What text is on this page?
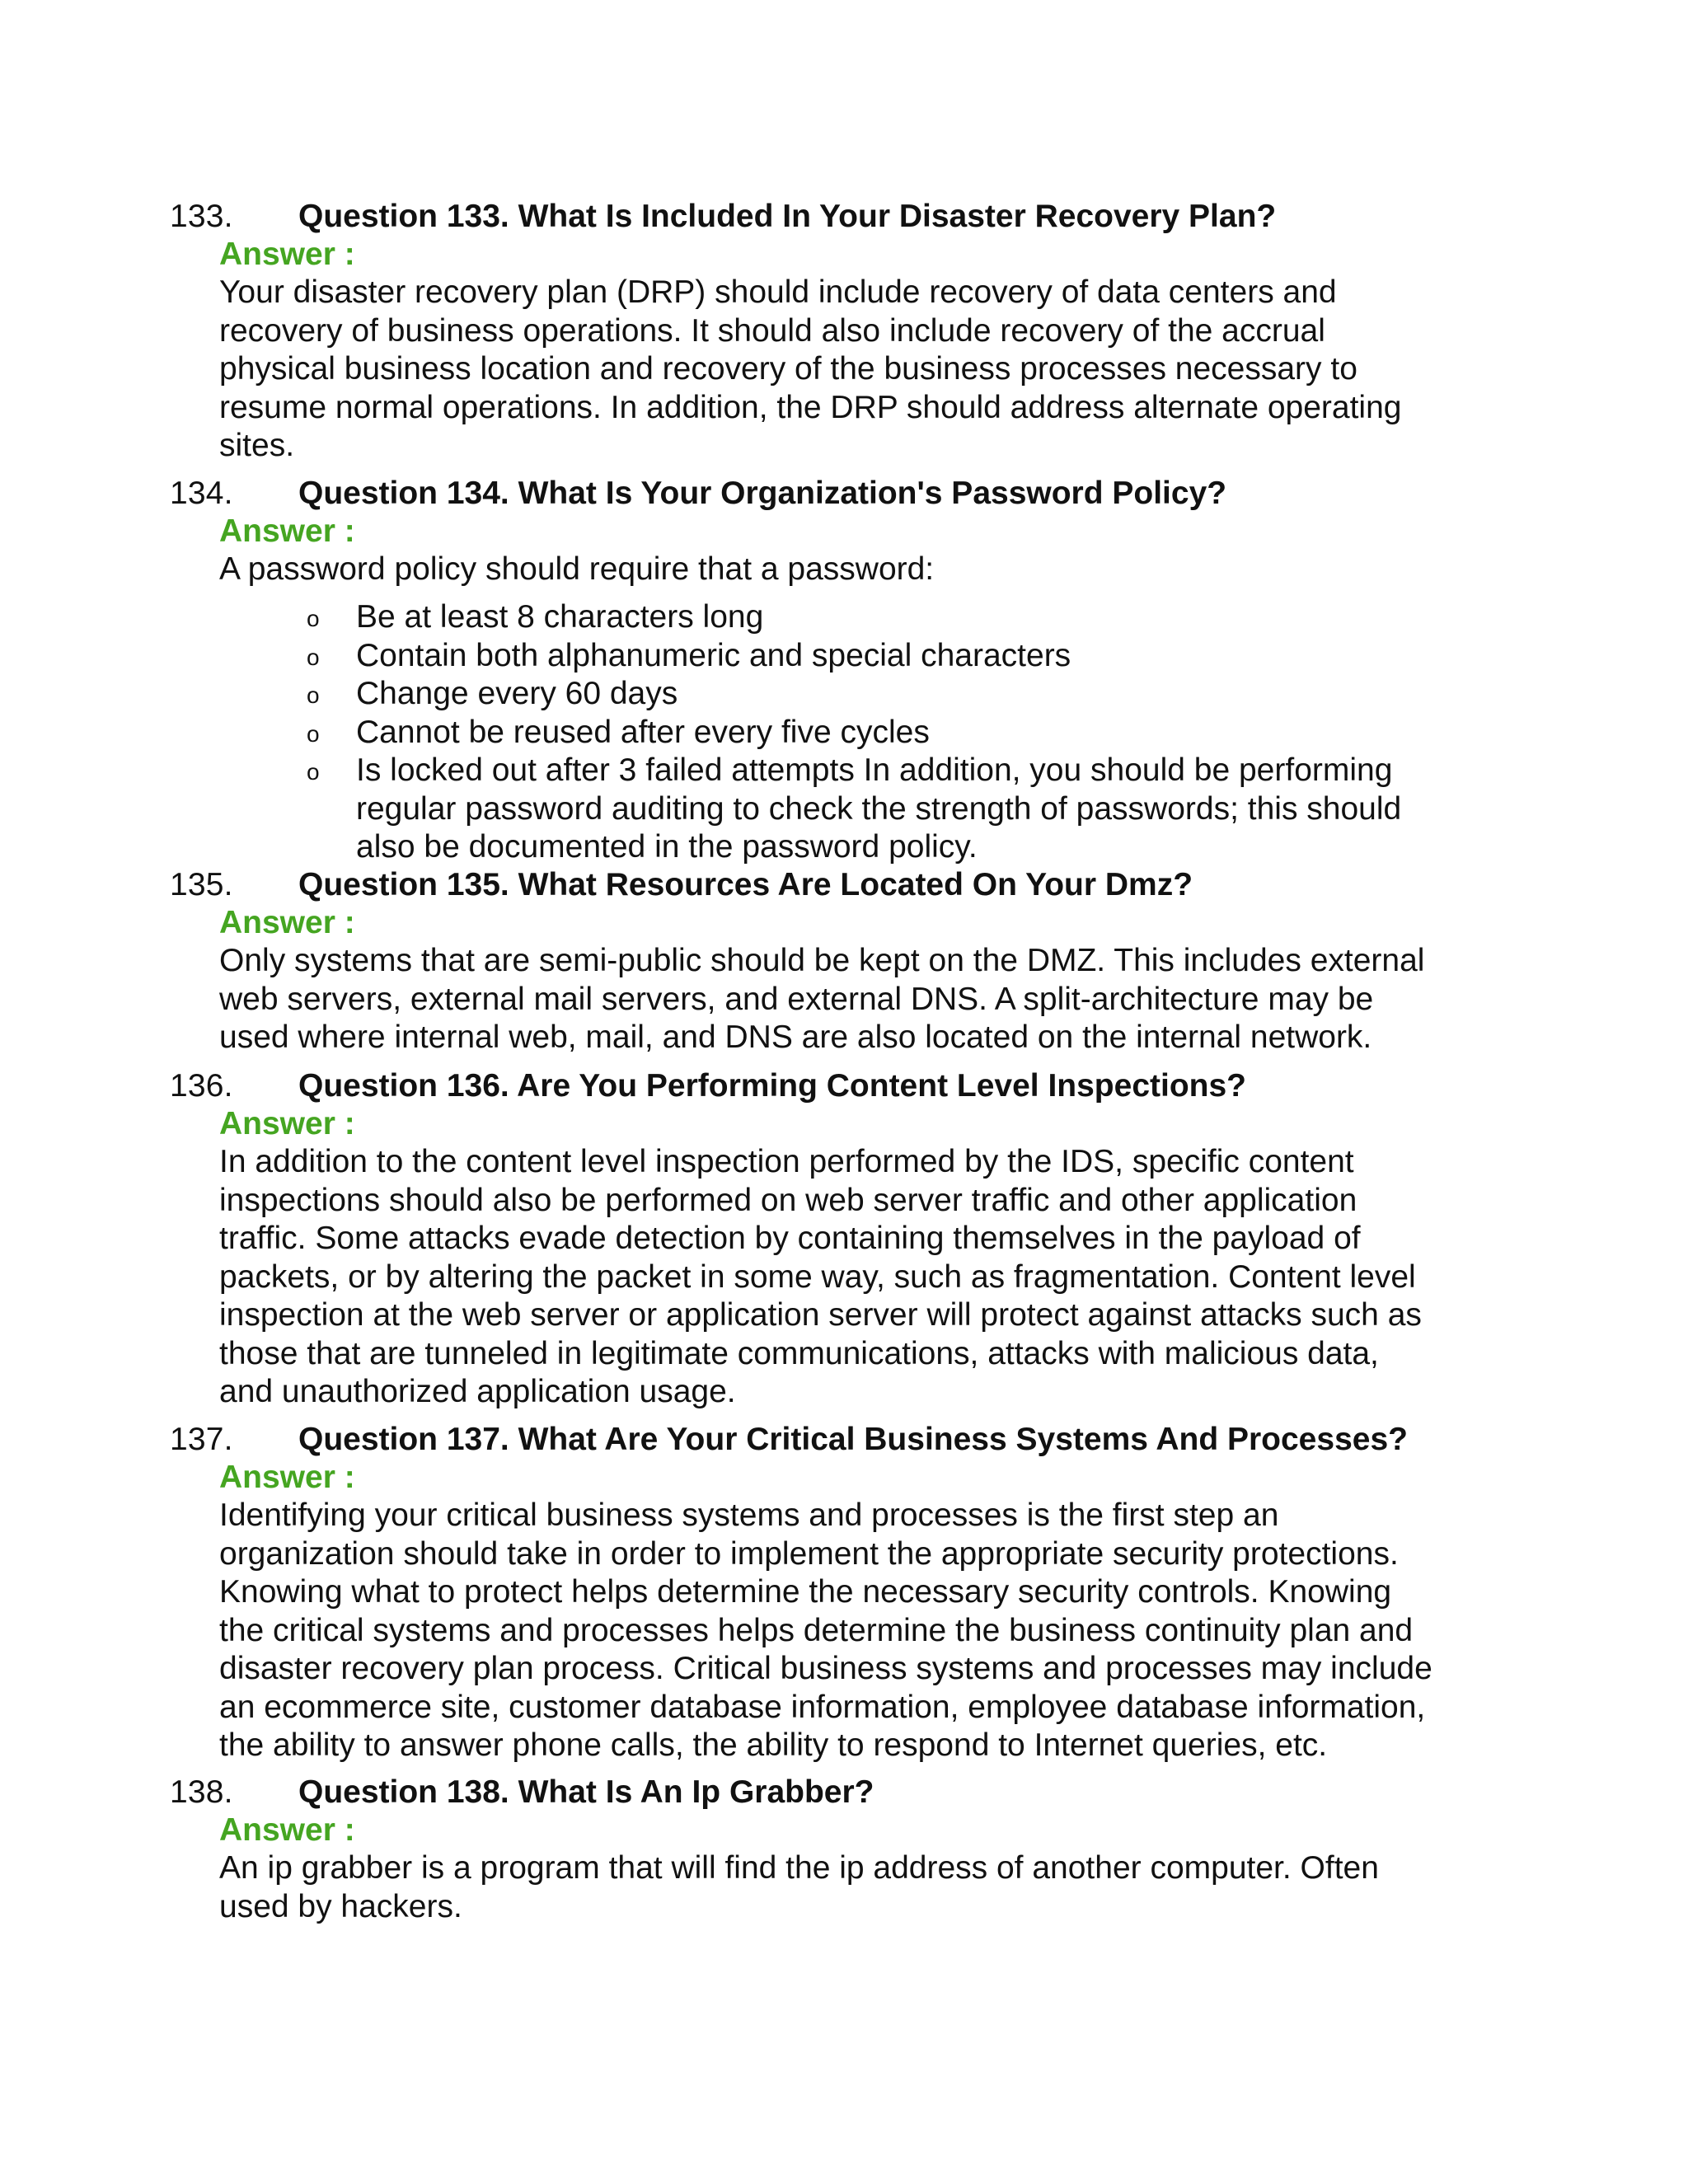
133. Question 133. What Is Included In Your Disaster Recovery Plan?
Answer :
Your disaster recovery plan (DRP) should include recovery of data centers and
recovery of business operations. It should also include recovery of the accrual
physical business location and recovery of the business processes necessary to
resume normal operations. In addition, the DRP should address alternate operating
sites.
134. Question 134. What Is Your Organization's Password Policy?
Answer :
A password policy should require that a password:
o Be at least 8 characters long
o Contain both alphanumeric and special characters
o Change every 60 days
o Cannot be reused after every five cycles
o Is locked out after 3 failed attempts In addition, you should be performing
regular password auditing to check the strength of passwords; this should
also be documented in the password policy.
135. Question 135. What Resources Are Located On Your Dmz?
Answer :
Only systems that are semi-public should be kept on the DMZ. This includes external
web servers, external mail servers, and external DNS. A split-architecture may be
used where internal web, mail, and DNS are also located on the internal network.
136. Question 136. Are You Performing Content Level Inspections?
Answer :
In addition to the content level inspection performed by the IDS, specific content
inspections should also be performed on web server traffic and other application
traffic. Some attacks evade detection by containing themselves in the payload of
packets, or by altering the packet in some way, such as fragmentation. Content level
inspection at the web server or application server will protect against attacks such as
those that are tunneled in legitimate communications, attacks with malicious data,
and unauthorized application usage.
137. Question 137. What Are Your Critical Business Systems And Processes?
Answer :
Identifying your critical business systems and processes is the first step an
organization should take in order to implement the appropriate security protections.
Knowing what to protect helps determine the necessary security controls. Knowing
the critical systems and processes helps determine the business continuity plan and
disaster recovery plan process. Critical business systems and processes may include
an ecommerce site, customer database information, employee database information,
the ability to answer phone calls, the ability to respond to Internet queries, etc.
138. Question 138. What Is An Ip Grabber?
Answer :
An ip grabber is a program that will find the ip address of another computer. Often
used by hackers.
